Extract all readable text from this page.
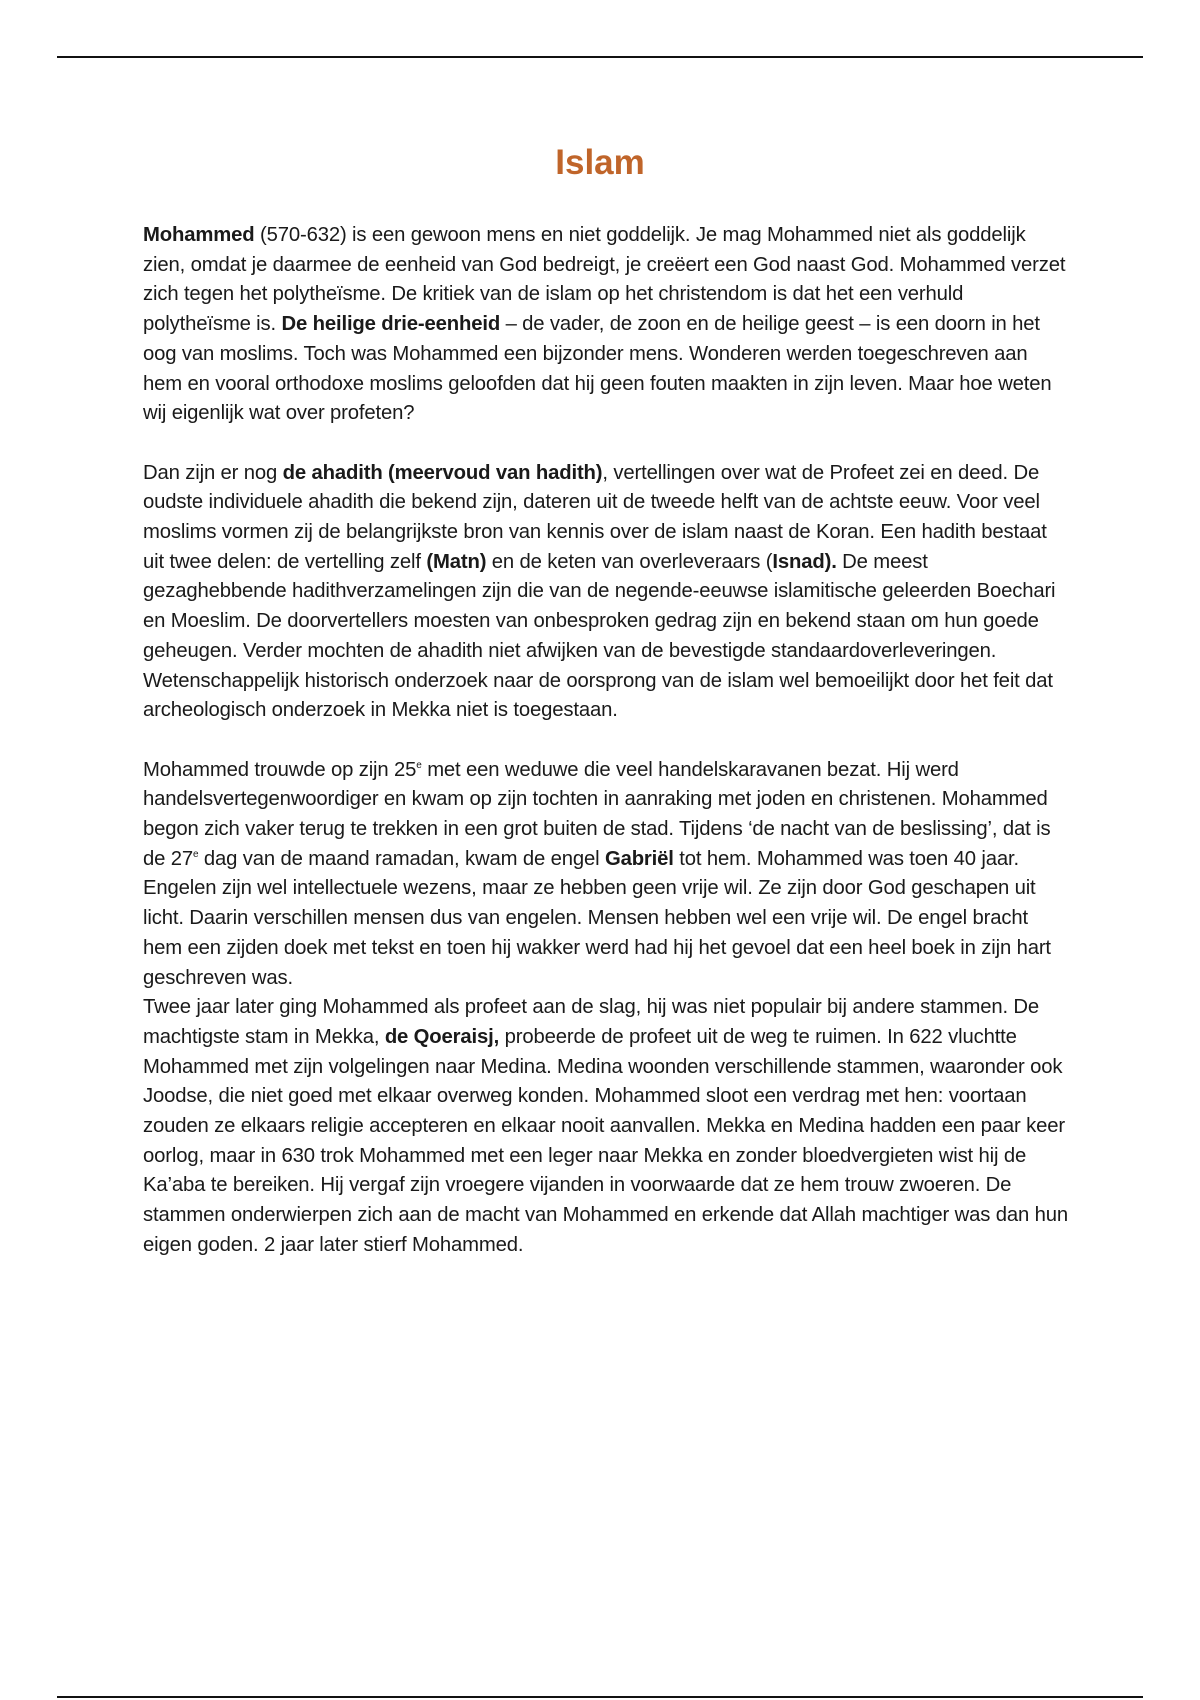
Islam

Mohammed (570-632) is een gewoon mens en niet goddelijk. Je mag Mohammed niet als goddelijk zien, omdat je daarmee de eenheid van God bedreigt, je creëert een God naast God. Mohammed verzet zich tegen het polytheïsme. De kritiek van de islam op het christendom is dat het een verhuld polytheïsme is. De heilige drie-eenheid – de vader, de zoon en de heilige geest – is een doorn in het oog van moslims. Toch was Mohammed een bijzonder mens. Wonderen werden toegeschreven aan hem en vooral orthodoxe moslims geloofden dat hij geen fouten maakten in zijn leven. Maar hoe weten wij eigenlijk wat over profeten?

Dan zijn er nog de ahadith (meervoud van hadith), vertellingen over wat de Profeet zei en deed. De oudste individuele ahadith die bekend zijn, dateren uit de tweede helft van de achtste eeuw. Voor veel moslims vormen zij de belangrijkste bron van kennis over de islam naast de Koran. Een hadith bestaat uit twee delen: de vertelling zelf (Matn) en de keten van overleveraars (Isnad). De meest gezaghebbende hadithverzamelingen zijn die van de negende-eeuwse islamitische geleerden Boechari en Moeslim. De doorvertellers moesten van onbesproken gedrag zijn en bekend staan om hun goede geheugen. Verder mochten de ahadith niet afwijken van de bevestigde standaardoverleveringen. Wetenschappelijk historisch onderzoek naar de oorsprong van de islam wel bemoeilijkt door het feit dat archeologisch onderzoek in Mekka niet is toegestaan.

Mohammed trouwde op zijn 25e met een weduwe die veel handelskaravanen bezat. Hij werd handelsvertegenwoordiger en kwam op zijn tochten in aanraking met joden en christenen. Mohammed begon zich vaker terug te trekken in een grot buiten de stad. Tijdens ‘de nacht van de beslissing’, dat is de 27e dag van de maand ramadan, kwam de engel Gabriël tot hem. Mohammed was toen 40 jaar. Engelen zijn wel intellectuele wezens, maar ze hebben geen vrije wil. Ze zijn door God geschapen uit licht. Daarin verschillen mensen dus van engelen. Mensen hebben wel een vrije wil. De engel bracht hem een zijden doek met tekst en toen hij wakker werd had hij het gevoel dat een heel boek in zijn hart geschreven was.

Twee jaar later ging Mohammed als profeet aan de slag, hij was niet populair bij andere stammen. De machtigste stam in Mekka, de Qoeraisj, probeerde de profeet uit de weg te ruimen. In 622 vluchtte Mohammed met zijn volgelingen naar Medina. Medina woonden verschillende stammen, waaronder ook Joodse, die niet goed met elkaar overweg konden. Mohammed sloot een verdrag met hen: voortaan zouden ze elkaars religie accepteren en elkaar nooit aanvallen. Mekka en Medina hadden een paar keer oorlog, maar in 630 trok Mohammed met een leger naar Mekka en zonder bloedvergieten wist hij de Ka’aba te bereiken. Hij vergaf zijn vroegere vijanden in voorwaarde dat ze hem trouw zwoeren. De stammen onderwierpen zich aan de macht van Mohammed en erkende dat Allah machtiger was dan hun eigen goden. 2 jaar later stierf Mohammed.
